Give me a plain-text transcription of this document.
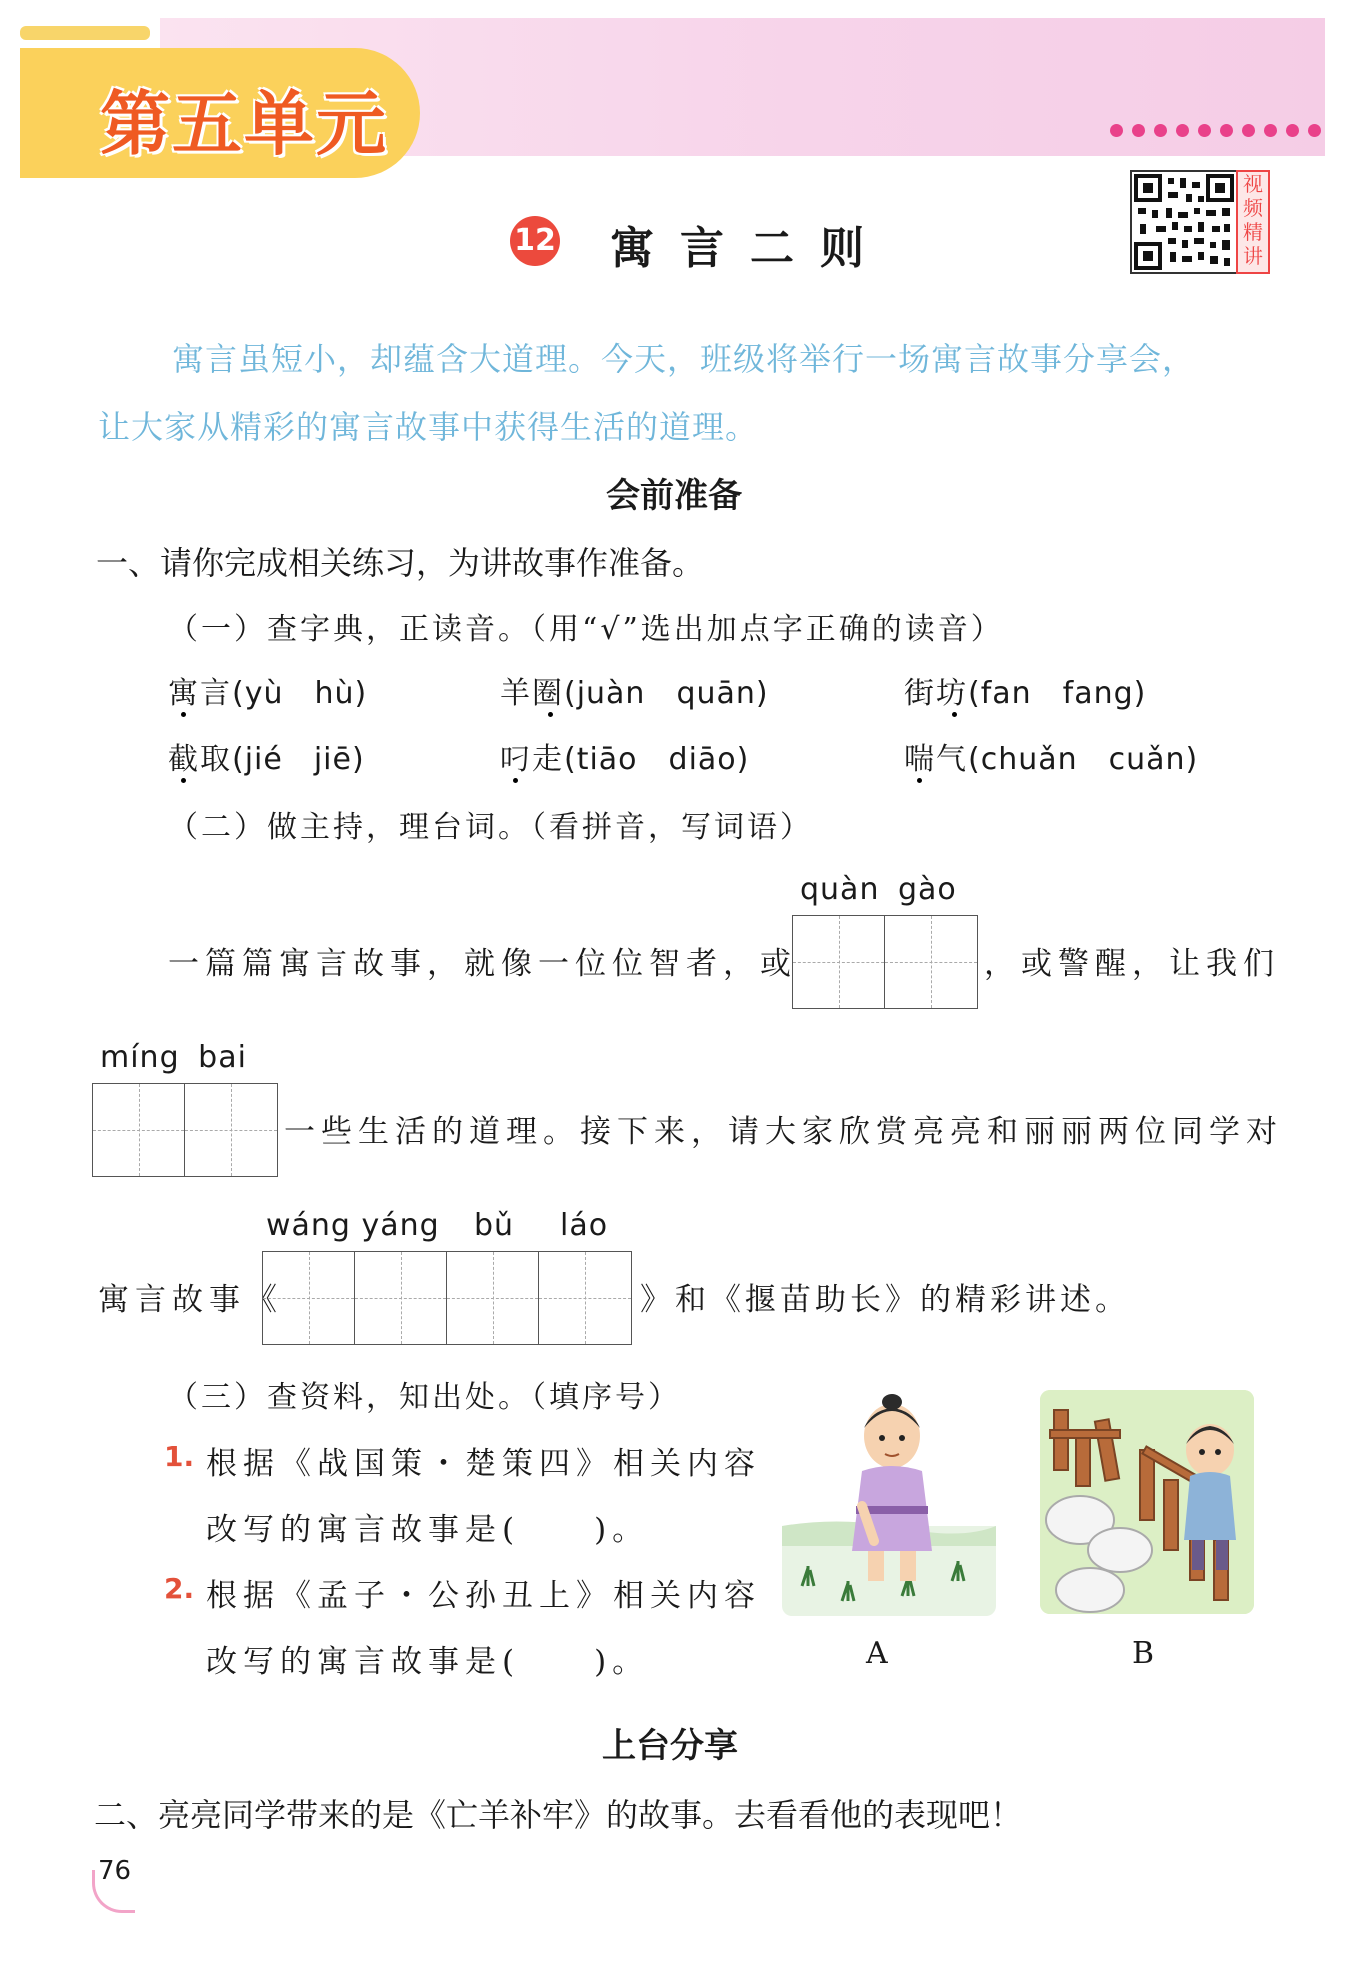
第五单元
12 寓言二则
视频精讲
寓言虽短小，却蕴含大道理。今天，班级将举行一场寓言故事分享会，
让大家从精彩的寓言故事中获得生活的道理。
会前准备
一、请你完成相关练习，为讲故事作准备。
（一）查字典，正读音。（用“√”选出加点字正确的读音）
寓言(yù　hù)	羊圈(juàn　quān)	街坊(fan　fang)
截取(jié　jiē)	叼走(tiāo　diāo)	喘气(chuǎn　cuǎn)
（二）做主持，理台词。（看拼音，写词语）
quàn gào
一篇篇寓言故事，就像一位位智者，或	，或警醒，让我们
míng bai
一些生活的道理。接下来，请大家欣赏亮亮和丽丽两位同学对
wáng yáng bǔ láo
寓言故事《	》和《揠苗助长》的精彩讲述。
（三）查资料，知出处。（填序号）
1. 根据《战国策・楚策四》相关内容
改写的寓言故事是(　　)。
2. 根据《孟子・公孙丑上》相关内容
改写的寓言故事是(　　)。	A	B
上台分享
二、亮亮同学带来的是《亡羊补牢》的故事。去看看他的表现吧！
76
